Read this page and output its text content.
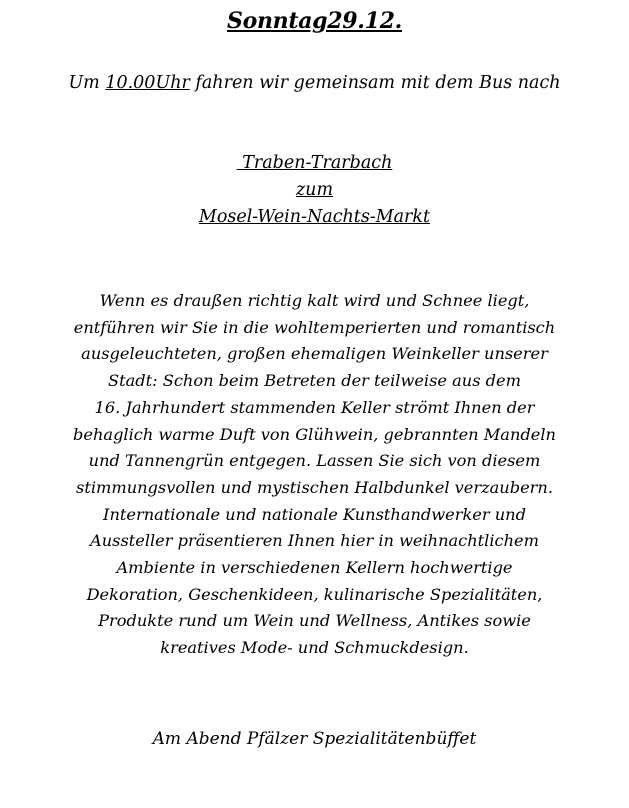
Sonntag29.12.
Um 10.00Uhr fahren wir gemeinsam mit dem Bus nach
Traben-Trarbach
zum
Mosel-Wein-Nachts-Markt
Wenn es draußen richtig kalt wird und Schnee liegt,
entführen wir Sie in die wohltemperierten und romantisch
ausgeleuchteten, großen ehemaligen Weinkeller unserer
Stadt: Schon beim Betreten der teilweise aus dem
16. Jahrhundert stammenden Keller strömt Ihnen der
behaglich warme Duft von Glühwein, gebrannten Mandeln
und Tannengrün entgegen. Lassen Sie sich von diesem
stimmungsvollen und mystischen Halbdunkel verzaubern.
Internationale und nationale Kunsthandwerker und
Aussteller präsentieren Ihnen hier in weihnachtlichem
Ambiente in verschiedenen Kellern hochwertige
Dekoration, Geschenkideen, kulinarische Spezialitäten,
Produkte rund um Wein und Wellness, Antikes sowie
kreatives Mode- und Schmuckdesign.
Am Abend Pfälzer Spezialitätenbüffet
